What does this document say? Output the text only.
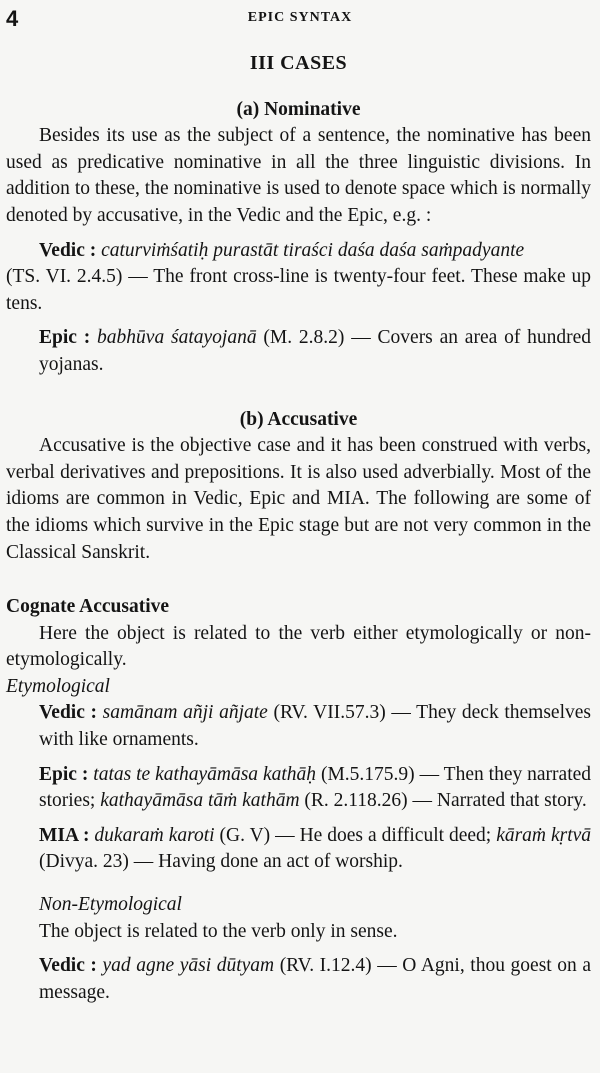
4	EPIC SYNTAX
III CASES
(a) Nominative

Besides its use as the subject of a sentence, the nominative has been used as predicative nominative in all the three linguistic divisions. In addition to these, the nominative is used to denote space which is normally denoted by accusative, in the Vedic and the Epic, e.g. :

Vedic : caturviṁśatiḥ purastāt tiraści daśa daśa saṁpadyante

(TS. VI. 2.4.5) — The front cross-line is twenty-four feet. These make up tens.

Epic : babhūva śatayojanā (M. 2.8.2) — Covers an area of hundred yojanas.

(b) Accusative

Accusative is the objective case and it has been construed with verbs, verbal derivatives and prepositions. It is also used adverbially. Most of the idioms are common in Vedic, Epic and MIA. The following are some of the idioms which survive in the Epic stage but are not very common in the Classical Sanskrit.

Cognate Accusative

Here the object is related to the verb either etymologically or non-etymologically.

Etymological

Vedic : samānam añji añjate (RV. VII.57.3) — They deck themselves with like ornaments.

Epic : tatas te kathayāmāsa kathāḥ (M.5.175.9) — Then they narrated stories; kathayāmāsa tāṁ kathām (R. 2.118.26) — Narrated that story.

MIA : dukaraṁ karoti (G. V) — He does a difficult deed; kāraṁ kṛtvā (Divya. 23) — Having done an act of worship.

Non-Etymological

The object is related to the verb only in sense.

Vedic : yad agne yāsi dūtyam (RV. I.12.4) — O Agni, thou goest on a message.
